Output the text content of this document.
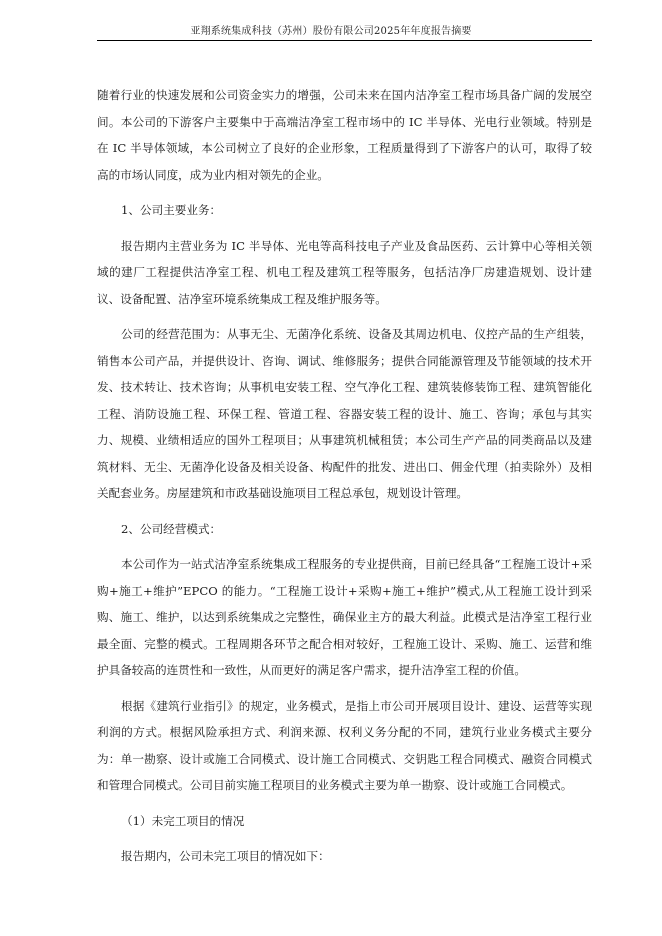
亚翔系统集成科技（苏州）股份有限公司2025年年度报告摘要

随着行业的快速发展和公司资金实力的增强，公司未来在国内洁净室工程市场具备广阔的发展空间。本公司的下游客户主要集中于高端洁净室工程市场中的 IC 半导体、光电行业领域。特别是在 IC 半导体领域，本公司树立了良好的企业形象，工程质量得到了下游客户的认可，取得了较高的市场认同度，成为业内相对领先的企业。

1、公司主要业务：

报告期内主营业务为 IC 半导体、光电等高科技电子产业及食品医药、云计算中心等相关领域的建厂工程提供洁净室工程、机电工程及建筑工程等服务，包括洁净厂房建造规划、设计建议、设备配置、洁净室环境系统集成工程及维护服务等。

公司的经营范围为：从事无尘、无菌净化系统、设备及其周边机电、仪控产品的生产组装，销售本公司产品，并提供设计、咨询、调试、维修服务；提供合同能源管理及节能领域的技术开发、技术转让、技术咨询；从事机电安装工程、空气净化工程、建筑装修装饰工程、建筑智能化工程、消防设施工程、环保工程、管道工程、容器安装工程的设计、施工、咨询；承包与其实力、规模、业绩相适应的国外工程项目；从事建筑机械租赁；本公司生产产品的同类商品以及建筑材料、无尘、无菌净化设备及相关设备、构配件的批发、进出口、佣金代理（拍卖除外）及相关配套业务。房屋建筑和市政基础设施项目工程总承包，规划设计管理。

2、公司经营模式：

本公司作为一站式洁净室系统集成工程服务的专业提供商，目前已经具备“工程施工设计+采购+施工+维护”EPCO 的能力。“工程施工设计+采购+施工+维护”模式,从工程施工设计到采购、施工、维护，以达到系统集成之完整性，确保业主方的最大利益。此模式是洁净室工程行业最全面、完整的模式。工程周期各环节之配合相对较好，工程施工设计、采购、施工、运营和维护具备较高的连贯性和一致性，从而更好的满足客户需求，提升洁净室工程的价值。

根据《建筑行业指引》的规定，业务模式，是指上市公司开展项目设计、建设、运营等实现利润的方式。根据风险承担方式、利润来源、权利义务分配的不同，建筑行业业务模式主要分为：单一勘察、设计或施工合同模式、设计施工合同模式、交钥匙工程合同模式、融资合同模式和管理合同模式。公司目前实施工程项目的业务模式主要为单一勘察、设计或施工合同模式。

（1）未完工项目的情况

报告期内，公司未完工项目的情况如下：
